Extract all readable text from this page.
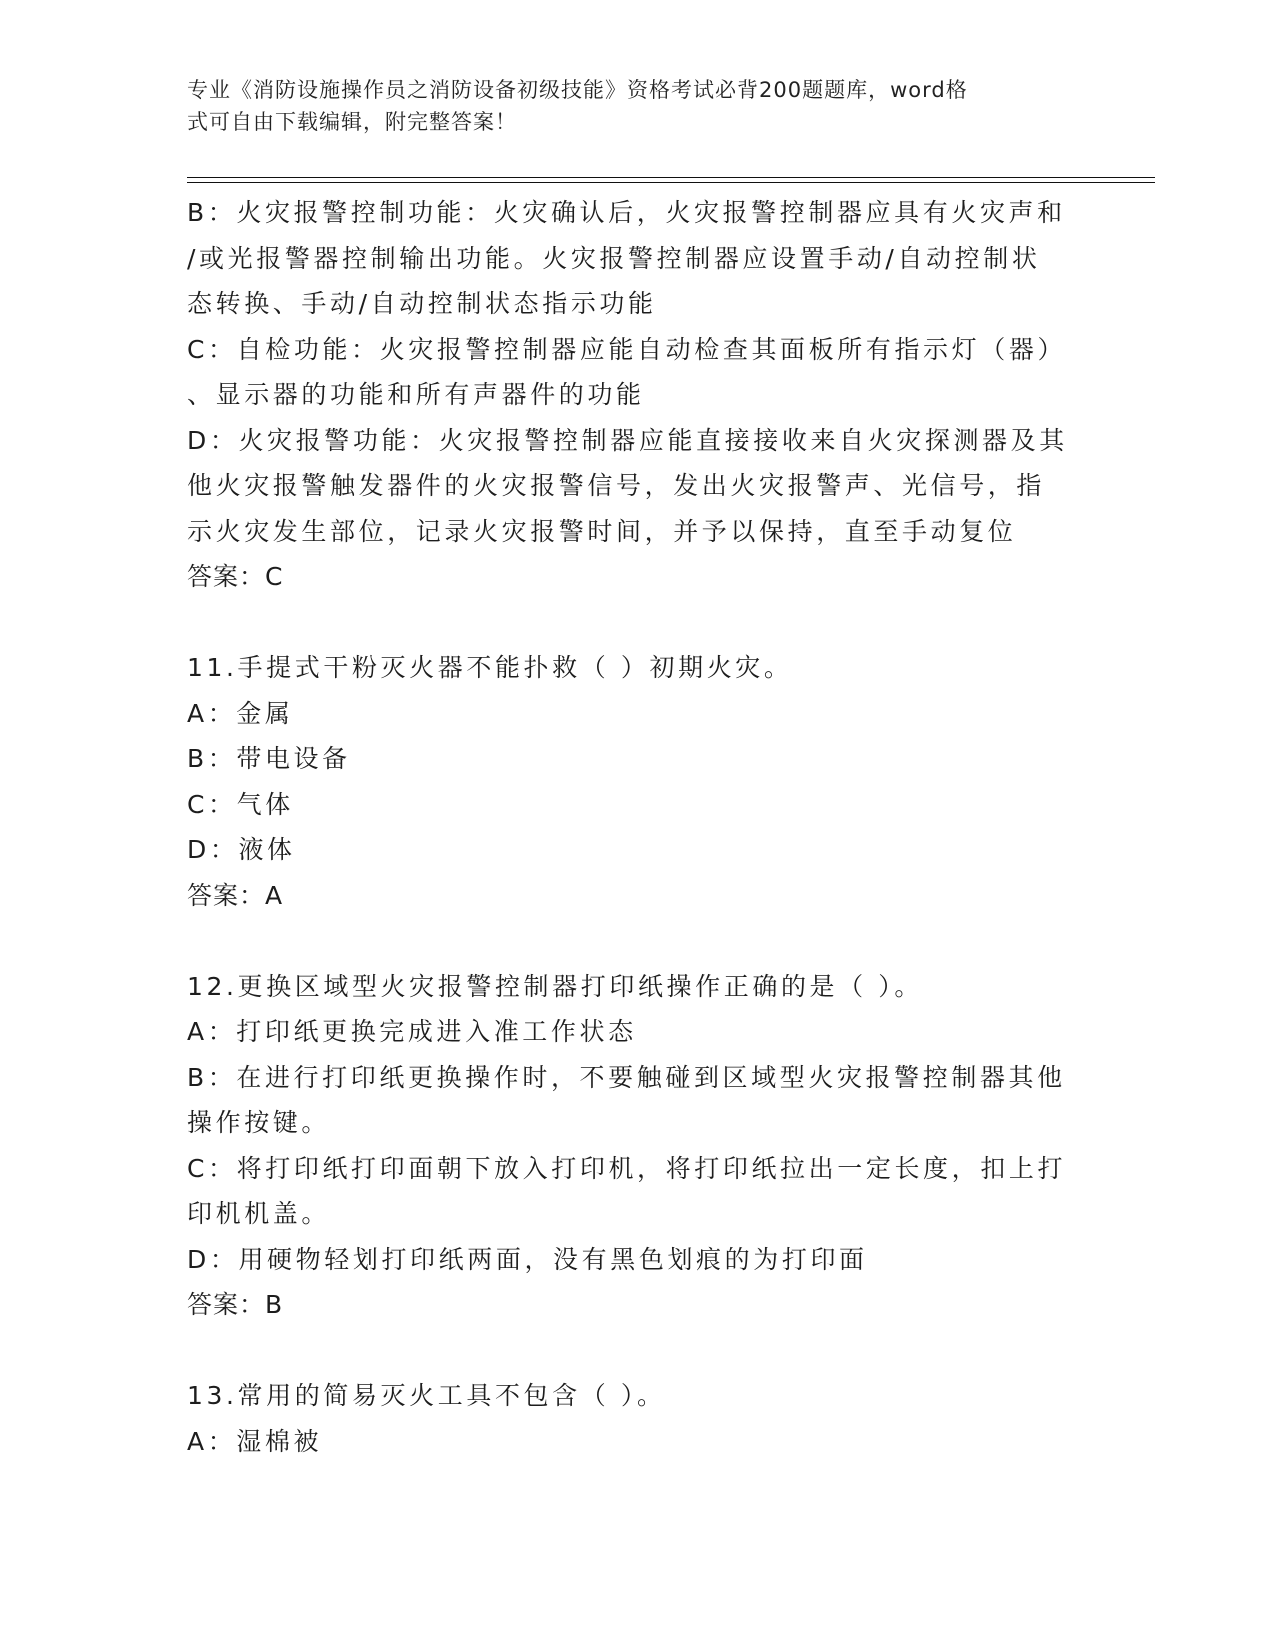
专业《消防设施操作员之消防设备初级技能》资格考试必背200题题库，word格
式可自由下载编辑，附完整答案！
B：火灾报警控制功能：火灾确认后，火灾报警控制器应具有火灾声和
/或光报警器控制输出功能。火灾报警控制器应设置手动/自动控制状
态转换、手动/自动控制状态指示功能
C：自检功能：火灾报警控制器应能自动检查其面板所有指示灯（器）
、显示器的功能和所有声器件的功能
D：火灾报警功能：火灾报警控制器应能直接接收来自火灾探测器及其
他火灾报警触发器件的火灾报警信号，发出火灾报警声、光信号，指
示火灾发生部位，记录火灾报警时间，并予以保持，直至手动复位
答案：C
11.手提式干粉灭火器不能扑救（ ）初期火灾。
A：金属
B：带电设备
C：气体
D：液体
答案：A
12.更换区域型火灾报警控制器打印纸操作正确的是（ ）。
A：打印纸更换完成进入准工作状态
B：在进行打印纸更换操作时，不要触碰到区域型火灾报警控制器其他
操作按键。
C：将打印纸打印面朝下放入打印机，将打印纸拉出一定长度，扣上打
印机机盖。
D：用硬物轻划打印纸两面，没有黑色划痕的为打印面
答案：B
13.常用的简易灭火工具不包含（ ）。
A：湿棉被
